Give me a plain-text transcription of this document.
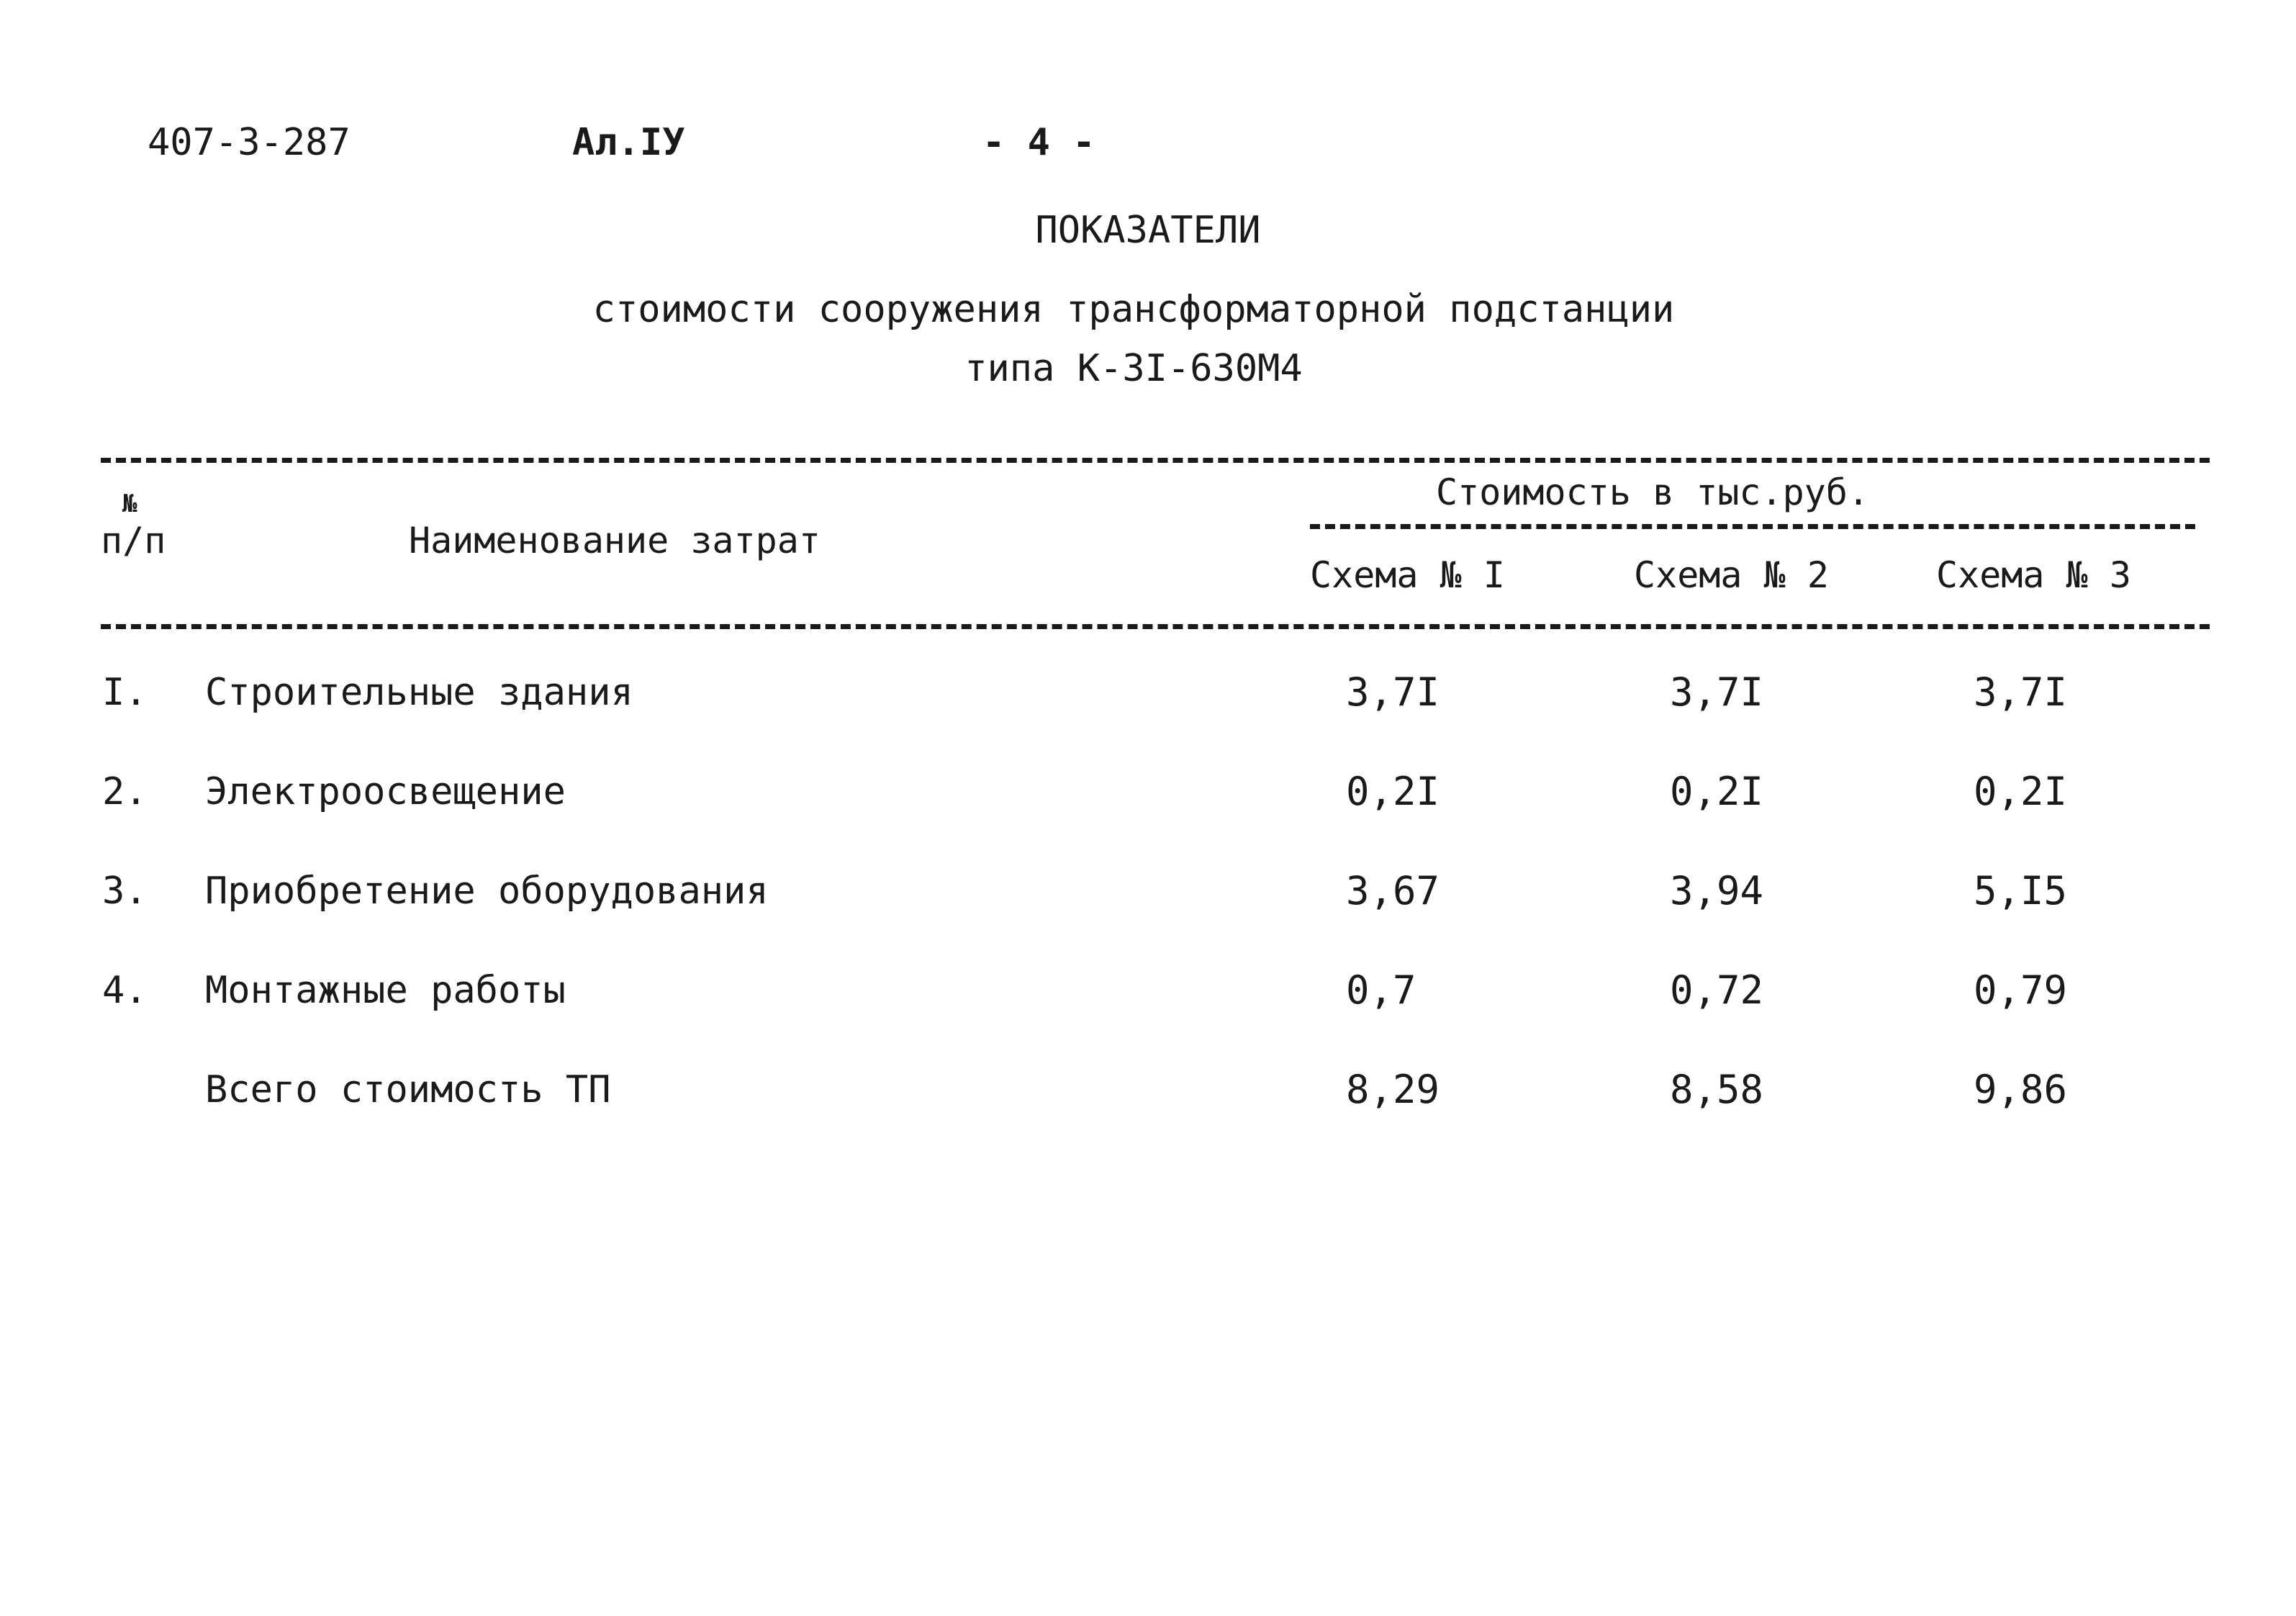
407-3-287	Ал.IУ	- 4 -
ПОКАЗАТЕЛИ
стоимости сооружения трансформаторной подстанции
типа К-3I-630М4
№
п/п	Наименование затрат
Стоимость в тыс.руб.
Схема № I	Схема № 2	Схема № 3
I. Строительные здания	3,7I	3,7I	3,7I
2. Электроосвещение	0,2I	0,2I	0,2I
3. Приобретение оборудования	3,67	3,94	5,I5
4. Монтажные работы	0,7	0,72	0,79
Всего стоимость ТП	8,29	8,58	9,86
